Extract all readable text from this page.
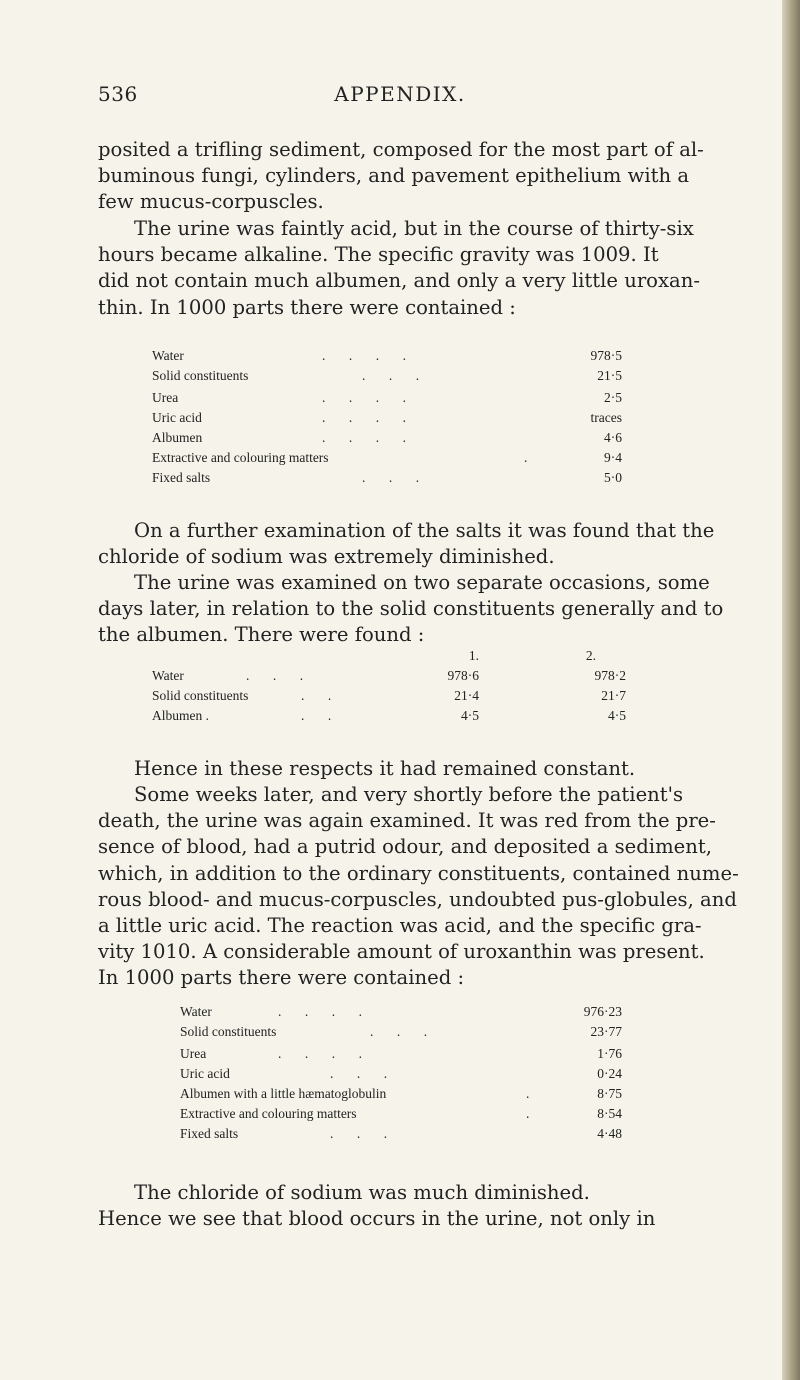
536	APPENDIX.

posited a trifling sediment, composed for the most part of al-
buminous fungi, cylinders, and pavement epithelium with a
few mucus-corpuscles.

The urine was faintly acid, but in the course of thirty-six
hours became alkaline. The specific gravity was 1009. It
did not contain much albumen, and only a very little uroxan-
thin. In 1000 parts there were contained :

Water	.    .    .    .	978·5
Solid constituents	.    .    .	21·5
Urea	.    .    .    .	2·5
Uric acid	.    .    .    .	traces
Albumen	.    .    .    .	4·6
Extractive and colouring matters	.	9·4
Fixed salts	.    .    .	5·0

On a further examination of the salts it was found that the
chloride of sodium was extremely diminished.

The urine was examined on two separate occasions, some
days later, in relation to the solid constituents generally and to
the albumen. There were found :

1.	2.
Water	.    .    .	978·6	978·2
Solid constituents	.    .	21·4	21·7
Albumen .	.    .	4·5	4·5

Hence in these respects it had remained constant.

Some weeks later, and very shortly before the patient's
death, the urine was again examined. It was red from the pre-
sence of blood, had a putrid odour, and deposited a sediment,
which, in addition to the ordinary constituents, contained nume-
rous blood- and mucus-corpuscles, undoubted pus-globules, and
a little uric acid. The reaction was acid, and the specific gra-
vity 1010. A considerable amount of uroxanthin was present.
In 1000 parts there were contained :

Water	.    .    .    .	976·23
Solid constituents	.    .    .	23·77
Urea	.    .    .    .	1·76
Uric acid	.    .    .	0·24
Albumen with a little hæmatoglobulin	.	8·75
Extractive and colouring matters	.	8·54
Fixed salts	.    .    .	4·48

The chloride of sodium was much diminished.
Hence we see that blood occurs in the urine, not only in
